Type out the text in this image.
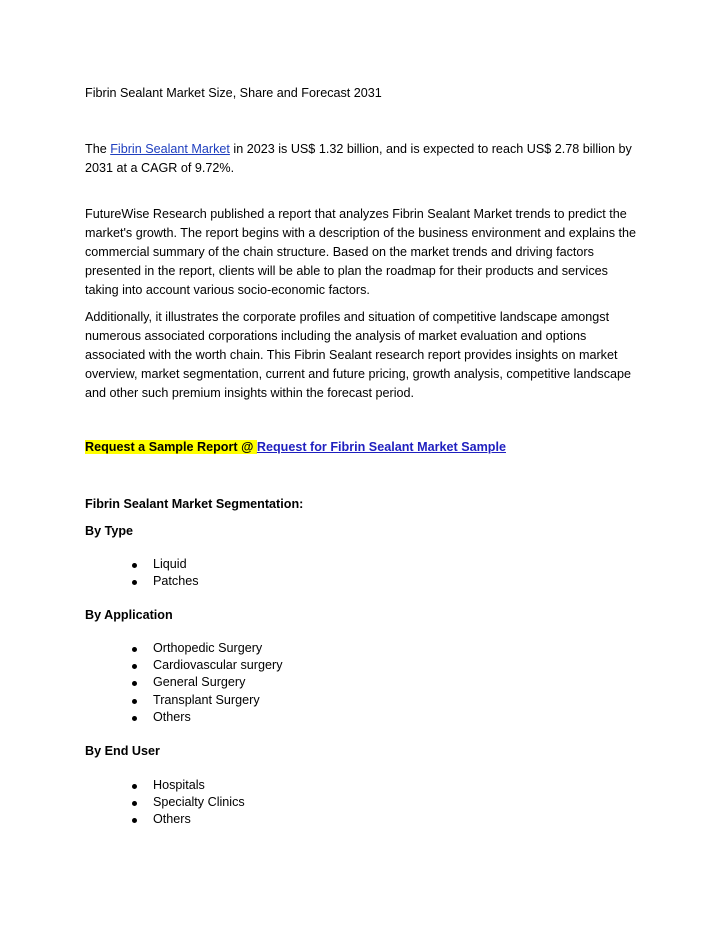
Fibrin Sealant Market Size, Share and Forecast 2031
The Fibrin Sealant Market in 2023 is US$ 1.32 billion, and is expected to reach US$ 2.78 billion by 2031 at a CAGR of 9.72%.
FutureWise Research published a report that analyzes Fibrin Sealant Market trends to predict the market's growth. The report begins with a description of the business environment and explains the commercial summary of the chain structure. Based on the market trends and driving factors presented in the report, clients will be able to plan the roadmap for their products and services taking into account various socio-economic factors.
Additionally, it illustrates the corporate profiles and situation of competitive landscape amongst numerous associated corporations including the analysis of market evaluation and options associated with the worth chain. This Fibrin Sealant research report provides insights on market overview, market segmentation, current and future pricing, growth analysis, competitive landscape and other such premium insights within the forecast period.
Request a Sample Report @ Request for Fibrin Sealant Market Sample
Fibrin Sealant Market Segmentation:
By Type
Liquid
Patches
By Application
Orthopedic Surgery
Cardiovascular surgery
General Surgery
Transplant Surgery
Others
By End User
Hospitals
Specialty Clinics
Others
